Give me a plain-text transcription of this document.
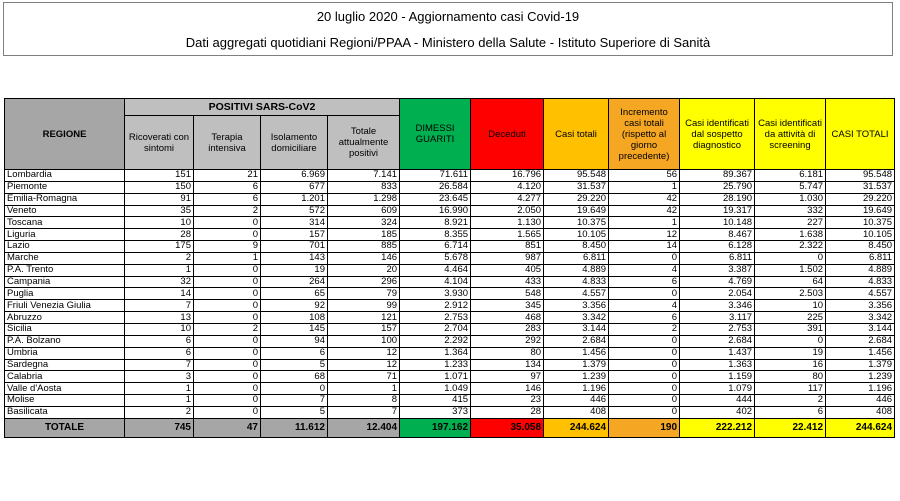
20 luglio 2020 - Aggiornamento casi Covid-19
Dati aggregati quotidiani Regioni/PPAA - Ministero della Salute - Istituto Superiore di Sanità
REGIONE	POSITIVI SARS-CoV2				DIMESSI GUARITI	Deceduti	Casi totali	Incremento casi totali (rispetto al giorno precedente)	Casi identificati dal sospetto diagnostico	Casi identificati da attività di screening	CASI TOTALI
	Ricoverati con sintomi	Terapia intensiva	Isolamento domiciliare	Totale attualmente positivi							
Lombardia	151	21	6.969	7.141	71.611	16.796	95.548	56	89.367	6.181	95.548
Piemonte	150	6	677	833	26.584	4.120	31.537	1	25.790	5.747	31.537
Emilia-Romagna	91	6	1.201	1.298	23.645	4.277	29.220	42	28.190	1.030	29.220
Veneto	35	2	572	609	16.990	2.050	19.649	42	19.317	332	19.649
Toscana	10	0	314	324	8.921	1.130	10.375	1	10.148	227	10.375
Liguria	28	0	157	185	8.355	1.565	10.105	12	8.467	1.638	10.105
Lazio	175	9	701	885	6.714	851	8.450	14	6.128	2.322	8.450
Marche	2	1	143	146	5.678	987	6.811	0	6.811	0	6.811
P.A. Trento	1	0	19	20	4.464	405	4.889	4	3.387	1.502	4.889
Campania	32	0	264	296	4.104	433	4.833	6	4.769	64	4.833
Puglia	14	0	65	79	3.930	548	4.557	0	2.054	2.503	4.557
Friuli Venezia Giulia	7	0	92	99	2.912	345	3.356	4	3.346	10	3.356
Abruzzo	13	0	108	121	2.753	468	3.342	6	3.117	225	3.342
Sicilia	10	2	145	157	2.704	283	3.144	2	2.753	391	3.144
P.A. Bolzano	6	0	94	100	2.292	292	2.684	0	2.684	0	2.684
Umbria	6	0	6	12	1.364	80	1.456	0	1.437	19	1.456
Sardegna	7	0	5	12	1.233	134	1.379	0	1.363	16	1.379
Calabria	3	0	68	71	1.071	97	1.239	0	1.159	80	1.239
Valle d'Aosta	1	0	0	1	1.049	146	1.196	0	1.079	117	1.196
Molise	1	0	7	8	415	23	446	0	444	2	446
Basilicata	2	0	5	7	373	28	408	0	402	6	408
TOTALE	745	47	11.612	12.404	197.162	35.058	244.624	190	222.212	22.412	244.624
